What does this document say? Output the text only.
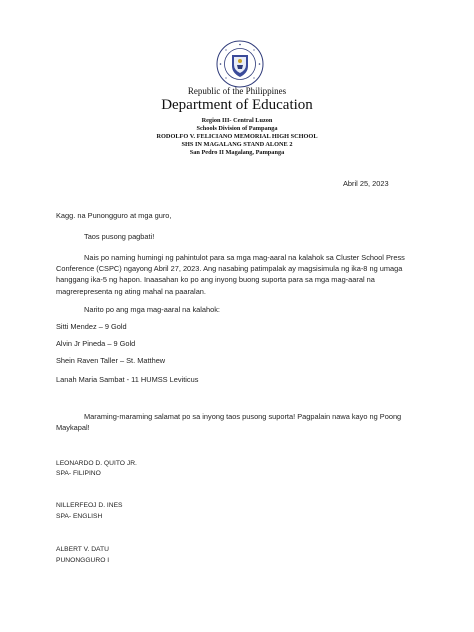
Republic of the Philippines
Department of Education
Region III- Central Luzon
Schools Division of Pampanga
RODOLFO V. FELICIANO MEMORIAL HIGH SCHOOL
SHS IN MAGALANG STAND ALONE 2
San Pedro II Magalang, Pampanga
Abril 25, 2023
Kagg. na Punongguro at mga guro,
Taos pusong pagbati!
Nais po naming humingi ng pahintulot para sa mga mag-aaral na kalahok sa Cluster School Press Conference (CSPC) ngayong Abril 27, 2023. Ang nasabing patimpalak ay magsisimula ng ika-8 ng umaga hanggang ika-5 ng hapon. Inaasahan ko po ang inyong buong suporta para sa mga mag-aaral na magrerepresenta ng ating mahal na paaralan.
Narito po ang mga mag-aaral na kalahok:
Sitti Mendez – 9 Gold
Alvin Jr Pineda – 9 Gold
Shein Raven Taller – St. Matthew
Lanah Maria Sambat - 11 HUMSS Leviticus
Maraming-maraming salamat po sa inyong taos pusong suporta! Pagpalain nawa kayo ng Poong Maykapal!
LEONARDO D. QUITO JR.
SPA- FILIPINO
NILLERFEOJ D. INES
SPA- ENGLISH
ALBERT V. DATU
PUNONGGURO I
